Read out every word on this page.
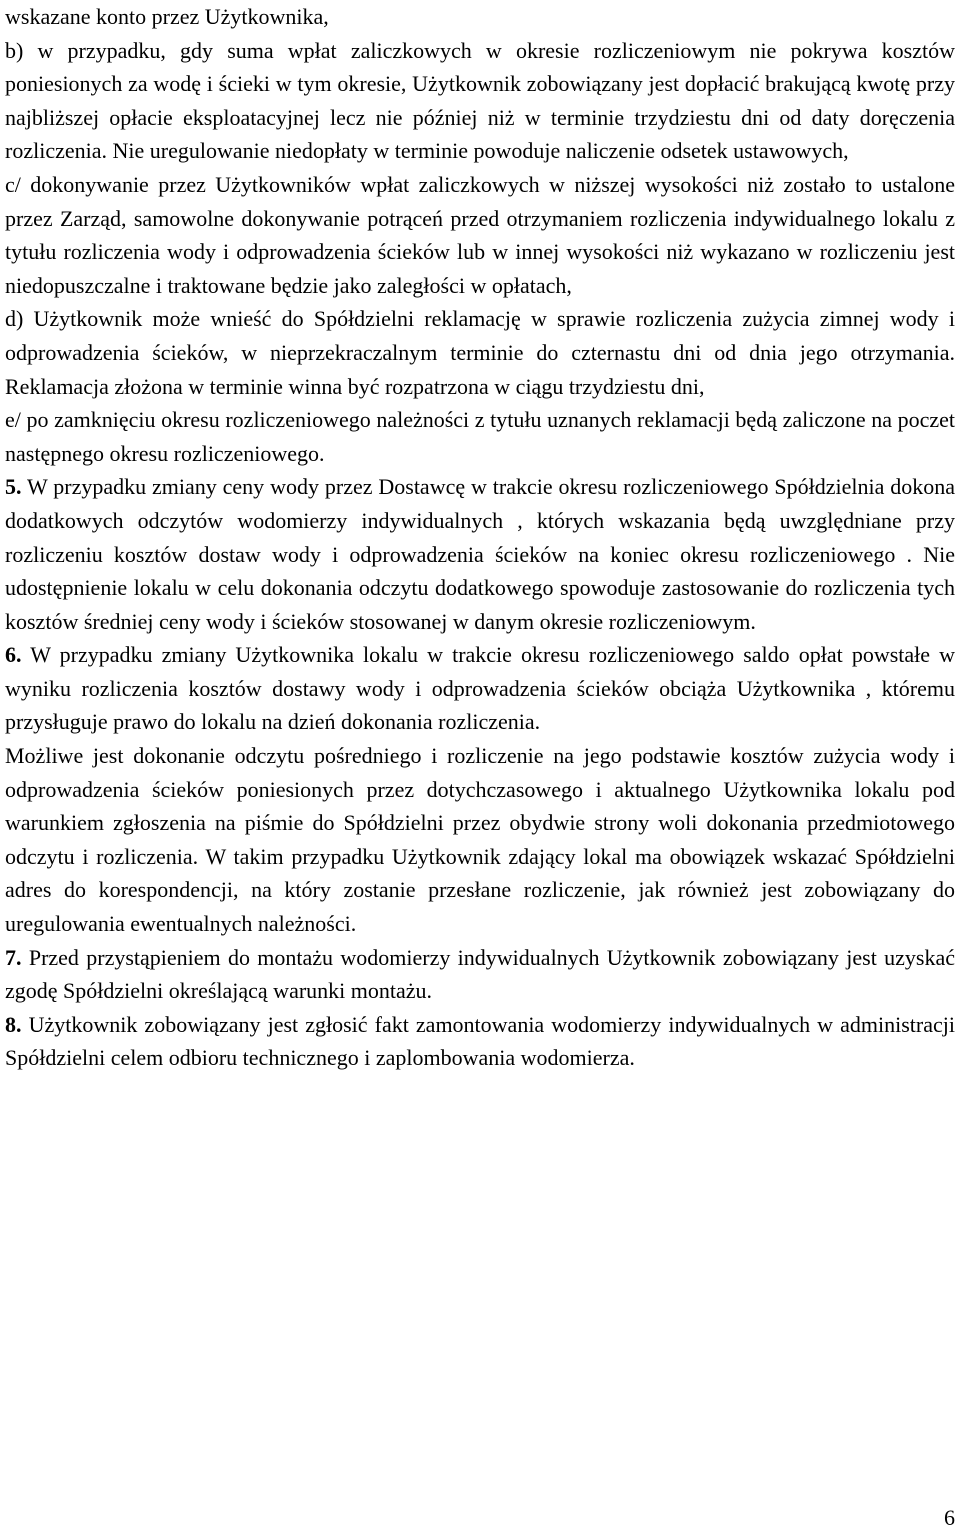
wskazane konto przez Użytkownika,

b) w przypadku, gdy suma wpłat zaliczkowych w okresie rozliczeniowym nie pokrywa kosztów poniesionych za wodę i ścieki w tym okresie, Użytkownik zobowiązany jest dopłacić brakującą kwotę przy najbliższej opłacie eksploatacyjnej lecz nie później niż w terminie trzydziestu dni od daty doręczenia rozliczenia. Nie uregulowanie niedopłaty w terminie powoduje naliczenie odsetek ustawowych,

c/ dokonywanie przez Użytkowników wpłat zaliczkowych w niższej wysokości niż zostało to ustalone przez Zarząd, samowolne dokonywanie potrąceń przed otrzymaniem rozliczenia indywidualnego lokalu z tytułu rozliczenia wody i odprowadzenia ścieków lub w innej wysokości niż wykazano w rozliczeniu jest niedopuszczalne i traktowane będzie jako zaległości w opłatach,

d) Użytkownik może wnieść do Spółdzielni reklamację w sprawie rozliczenia zużycia zimnej wody i odprowadzenia ścieków, w nieprzekraczalnym terminie do czternastu dni od dnia jego otrzymania. Reklamacja złożona w terminie winna być rozpatrzona w ciągu trzydziestu dni,

e/ po zamknięciu okresu rozliczeniowego należności z tytułu uznanych reklamacji będą zaliczone na poczet następnego okresu rozliczeniowego.

5. W przypadku zmiany ceny wody przez Dostawcę w trakcie okresu rozliczeniowego Spółdzielnia dokona dodatkowych odczytów wodomierzy indywidualnych , których wskazania będą uwzględniane przy rozliczeniu kosztów dostaw wody i odprowadzenia ścieków na koniec okresu rozliczeniowego . Nie udostępnienie lokalu w celu dokonania odczytu dodatkowego spowoduje zastosowanie do rozliczenia tych kosztów średniej ceny wody i ścieków stosowanej w danym okresie rozliczeniowym.

6. W przypadku zmiany Użytkownika lokalu w trakcie okresu rozliczeniowego saldo opłat powstałe w wyniku rozliczenia kosztów dostawy wody i odprowadzenia ścieków obciąża Użytkownika , któremu przysługuje prawo do lokalu na dzień dokonania rozliczenia.

Możliwe jest dokonanie odczytu pośredniego i rozliczenie na jego podstawie kosztów zużycia wody i odprowadzenia ścieków poniesionych przez dotychczasowego i aktualnego Użytkownika lokalu pod warunkiem zgłoszenia na piśmie do Spółdzielni przez obydwie strony woli dokonania przedmiotowego odczytu i rozliczenia. W takim przypadku Użytkownik zdający lokal ma obowiązek wskazać Spółdzielni adres do korespondencji, na który zostanie przesłane rozliczenie, jak również jest zobowiązany do uregulowania ewentualnych należności.

7. Przed przystąpieniem do montażu wodomierzy indywidualnych Użytkownik zobowiązany jest uzyskać zgodę Spółdzielni określającą warunki montażu.

8. Użytkownik zobowiązany jest zgłosić fakt zamontowania wodomierzy indywidualnych w administracji Spółdzielni celem odbioru technicznego i zaplombowania wodomierza.

6
